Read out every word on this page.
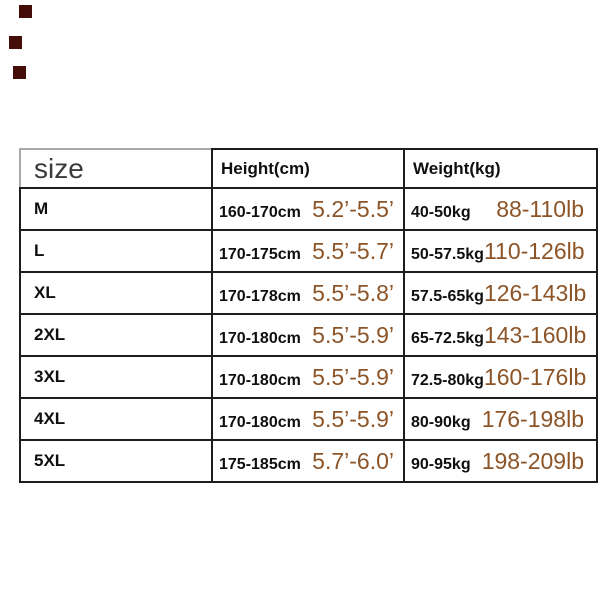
size	Height(cm)	Weight(kg)
M	160-170cm 5.2’-5.5’	40-50kg 88-110lb

L	170-175cm 5.5’-5.7’	50-57.5kg 110-126lb

XL	170-178cm 5.5’-5.8’	57.5-65kg 126-143lb

2XL	170-180cm 5.5’-5.9’	65-72.5kg 143-160lb

3XL	170-180cm 5.5’-5.9’	72.5-80kg 160-176lb

4XL	170-180cm 5.5’-5.9’	80-90kg 176-198lb

5XL	175-185cm 5.7’-6.0’	90-95kg 198-209lb
